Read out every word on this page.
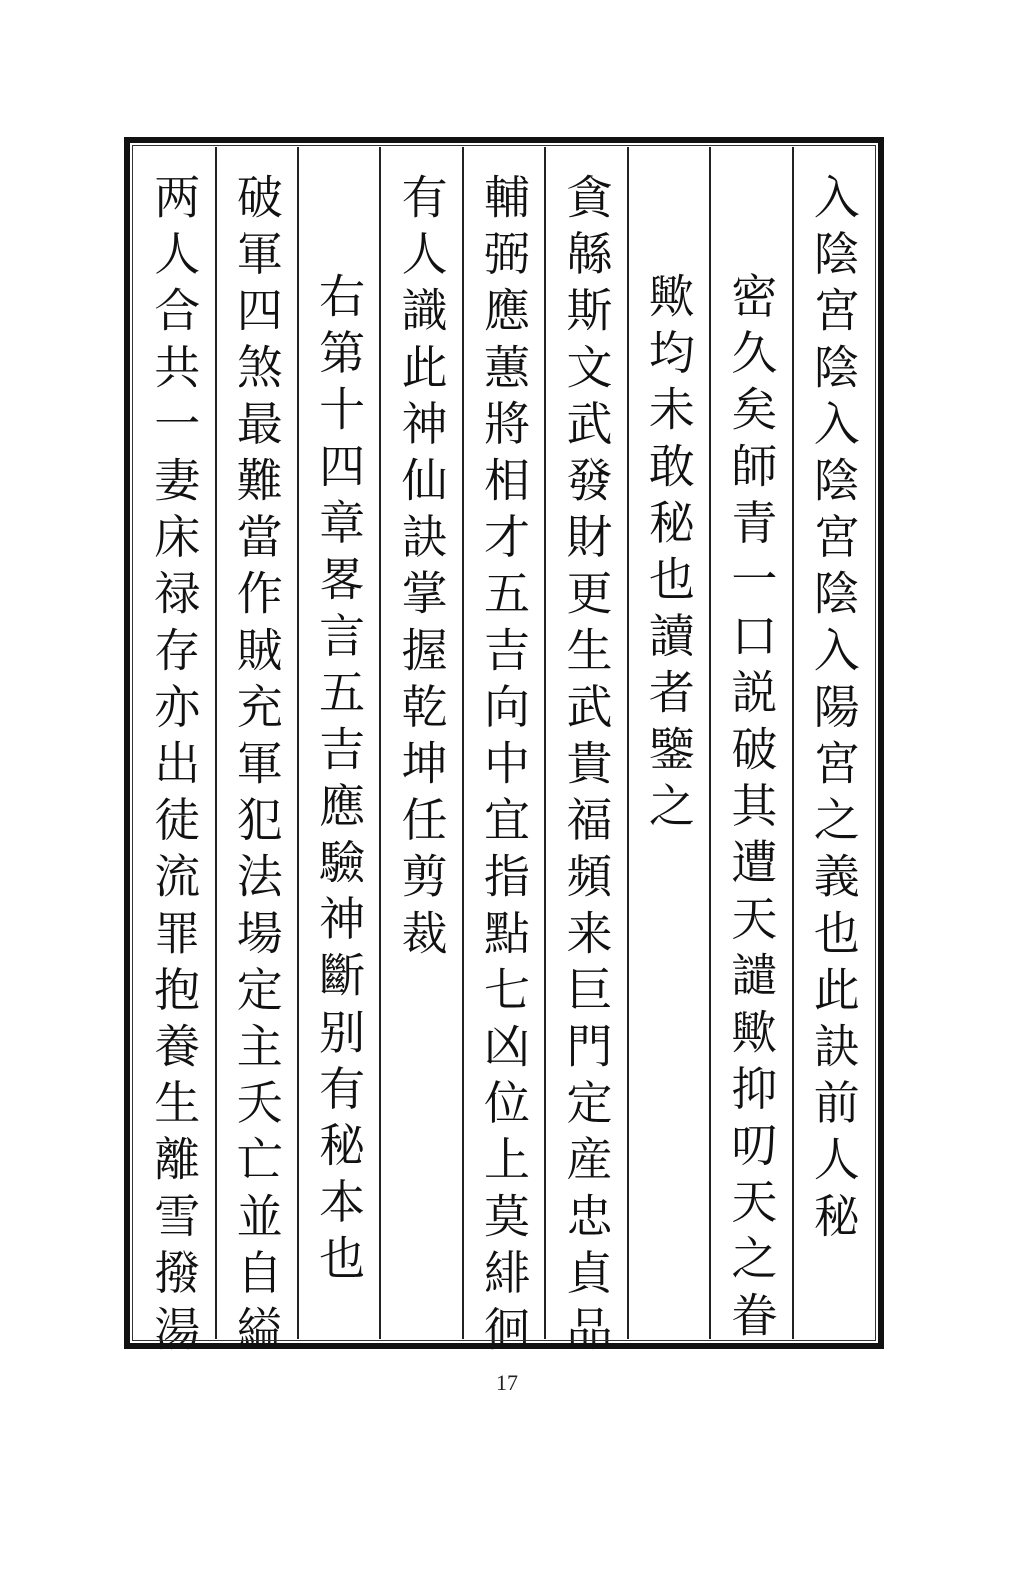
入陰宮陰入陰宮陰入陽宮之義也此訣前人秘
密久矣師青一口説破其遭天譴歟抑叨天之眷
歟均未敢秘也讀者鑒之
貪緜斯文武發財更生武貴福頻来巨門定産忠貞品
輔弼應蕙將相才五吉向中宜指點七凶位上莫緋徊
有人識此神仙訣掌握乾坤任剪裁
右第十四章畧言五吉應驗神斷别有秘本也
破軍四煞最難當作賊充軍犯法場定主夭亡並自縊
两人合共一妻床禄存亦出徒流罪抱養生離雪撥湯
17
